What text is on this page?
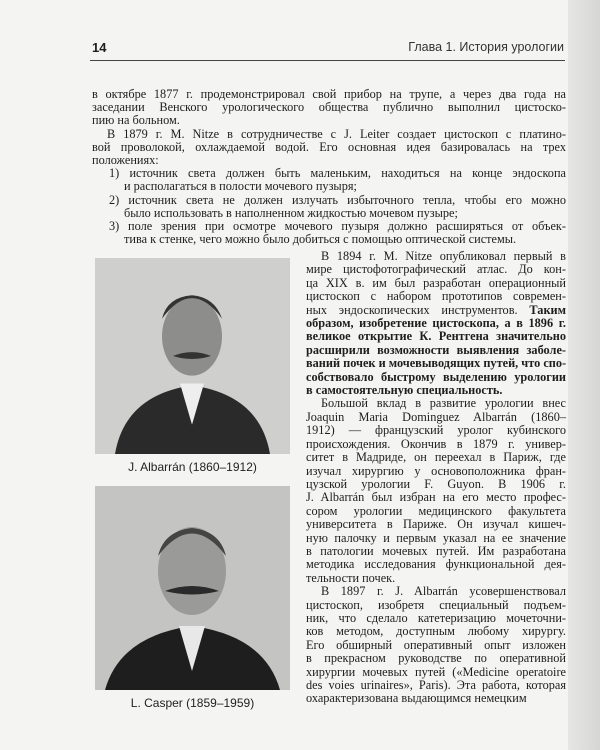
14	Глава 1. История урологии
в октябре 1877 г. продемонстрировал свой прибор на трупе, а через два года на
заседании Венского урологического общества публично выполнил цистоско-
пию на больном.
В 1879 г. M. Nitze в сотрудничестве с J. Leiter создает цистоскоп с платино-
вой проволокой, охлаждаемой водой. Его основная идея базировалась на трех
положениях:
1) источник света должен быть маленьким, находиться на конце эндоскопа
и располагаться в полости мочевого пузыря;
2) источник света не должен излучать избыточного тепла, чтобы его можно
было использовать в наполненном жидкостью мочевом пузыре;
3) поле зрения при осмотре мочевого пузыря должно расширяться от объек-
тива к стенке, чего можно было добиться с помощью оптической системы.
В 1894 г. M. Nitze опубликовал первый в
мире цистофотографический атлас. До кон-
ца XIX в. им был разработан операционный
цистоскоп с набором прототипов современ-
ных эндоскопических инструментов. Таким
образом, изобретение цистоскопа, а в 1896 г.
великое открытие К. Рентгена значительно
расширили возможности выявления заболе-
ваний почек и мочевыводящих путей, что спо-
собствовало быстрому выделению урологии
в самостоятельную специальность.
Большой вклад в развитие урологии внес
Joaquin Maria Dominguez Albarrán (1860–
1912) — французский уролог кубинского
происхождения. Окончив в 1879 г. универ-
ситет в Мадриде, он переехал в Париж, где
изучал хирургию у основоположника фран-
цузской урологии F. Guyon. В 1906 г.
J. Albarrán был избран на его место профес-
сором урологии медицинского факультета
университета в Париже. Он изучал кишеч-
ную палочку и первым указал на ее значение
в патологии мочевых путей. Им разработана
методика исследования функциональной дея-
тельности почек.
В 1897 г. J. Albarrán усовершенствовал
цистоскоп, изобретя специальный подъем-
ник, что сделало катетеризацию мочеточни-
ков методом, доступным любому хирургу.
Его обширный оперативный опыт изложен
в прекрасном руководстве по оперативной
хирургии мочевых путей («Medicine operatoire
des voies urinaires», Paris). Эта работа, которая
охарактеризована выдающимся немецким
J. Albarrán (1860–1912)
L. Casper (1859–1959)
